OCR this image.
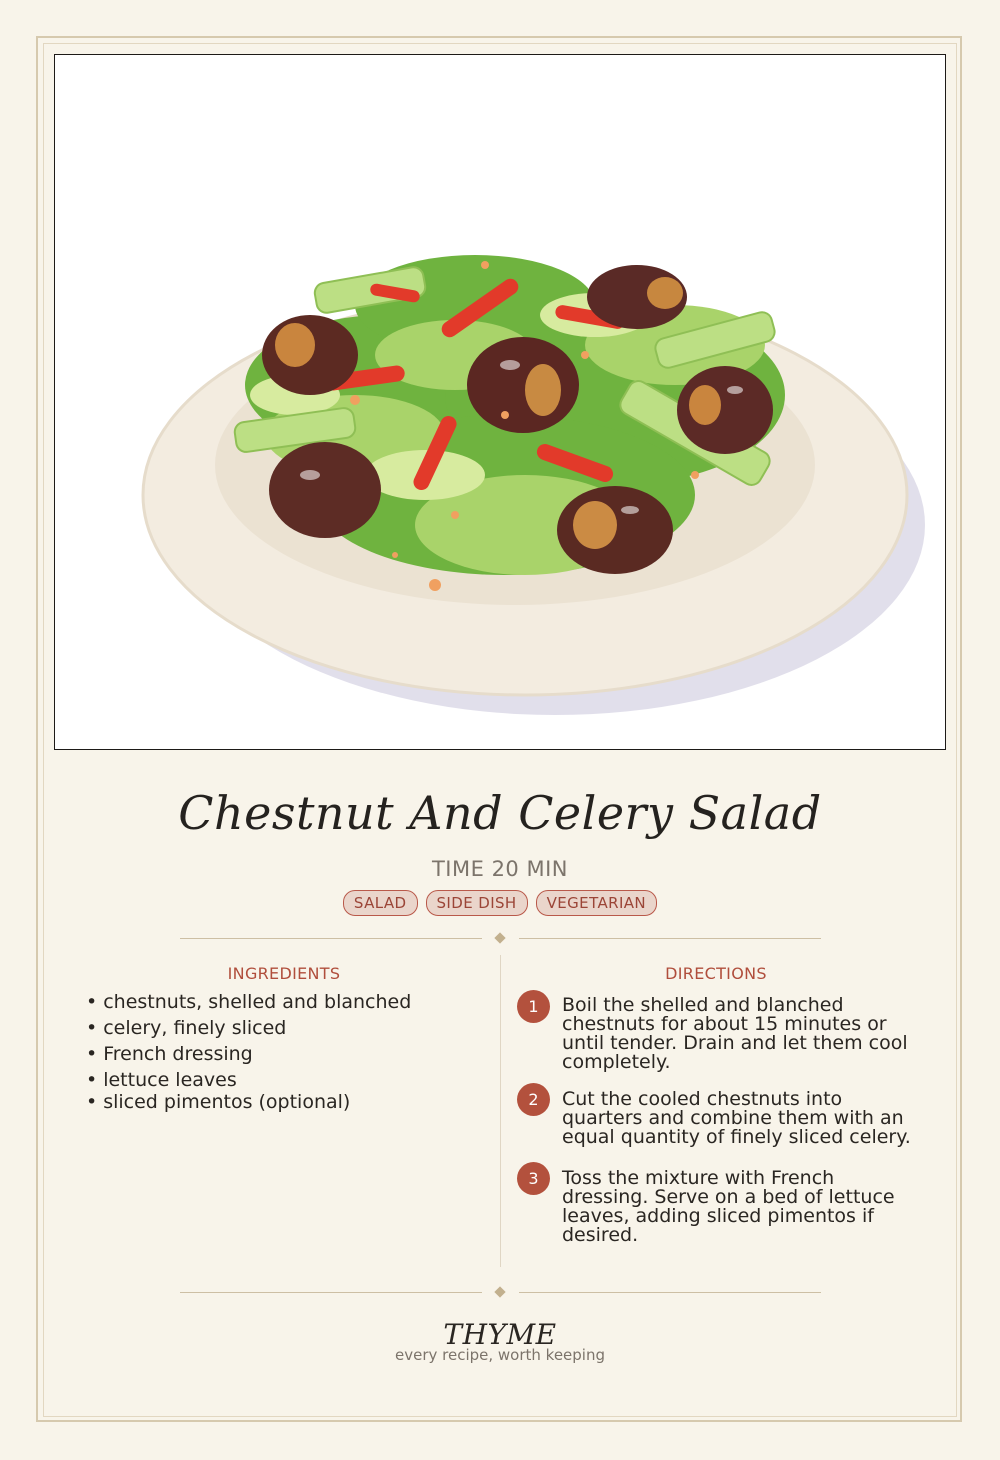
Chestnut And Celery Salad
TIME 20 MIN
SALAD	SIDE DISH	VEGETARIAN
INGREDIENTS
• chestnuts, shelled and blanched
• celery, finely sliced
• French dressing
• lettuce leaves
• sliced pimentos (optional)
DIRECTIONS
1	Boil the shelled and blanched chestnuts for about 15 minutes or until tender. Drain and let them cool completely.
2	Cut the cooled chestnuts into quarters and combine them with an equal quantity of finely sliced celery.
3	Toss the mixture with French dressing. Serve on a bed of lettuce leaves, adding sliced pimentos if desired.
THYME
every recipe, worth keeping
